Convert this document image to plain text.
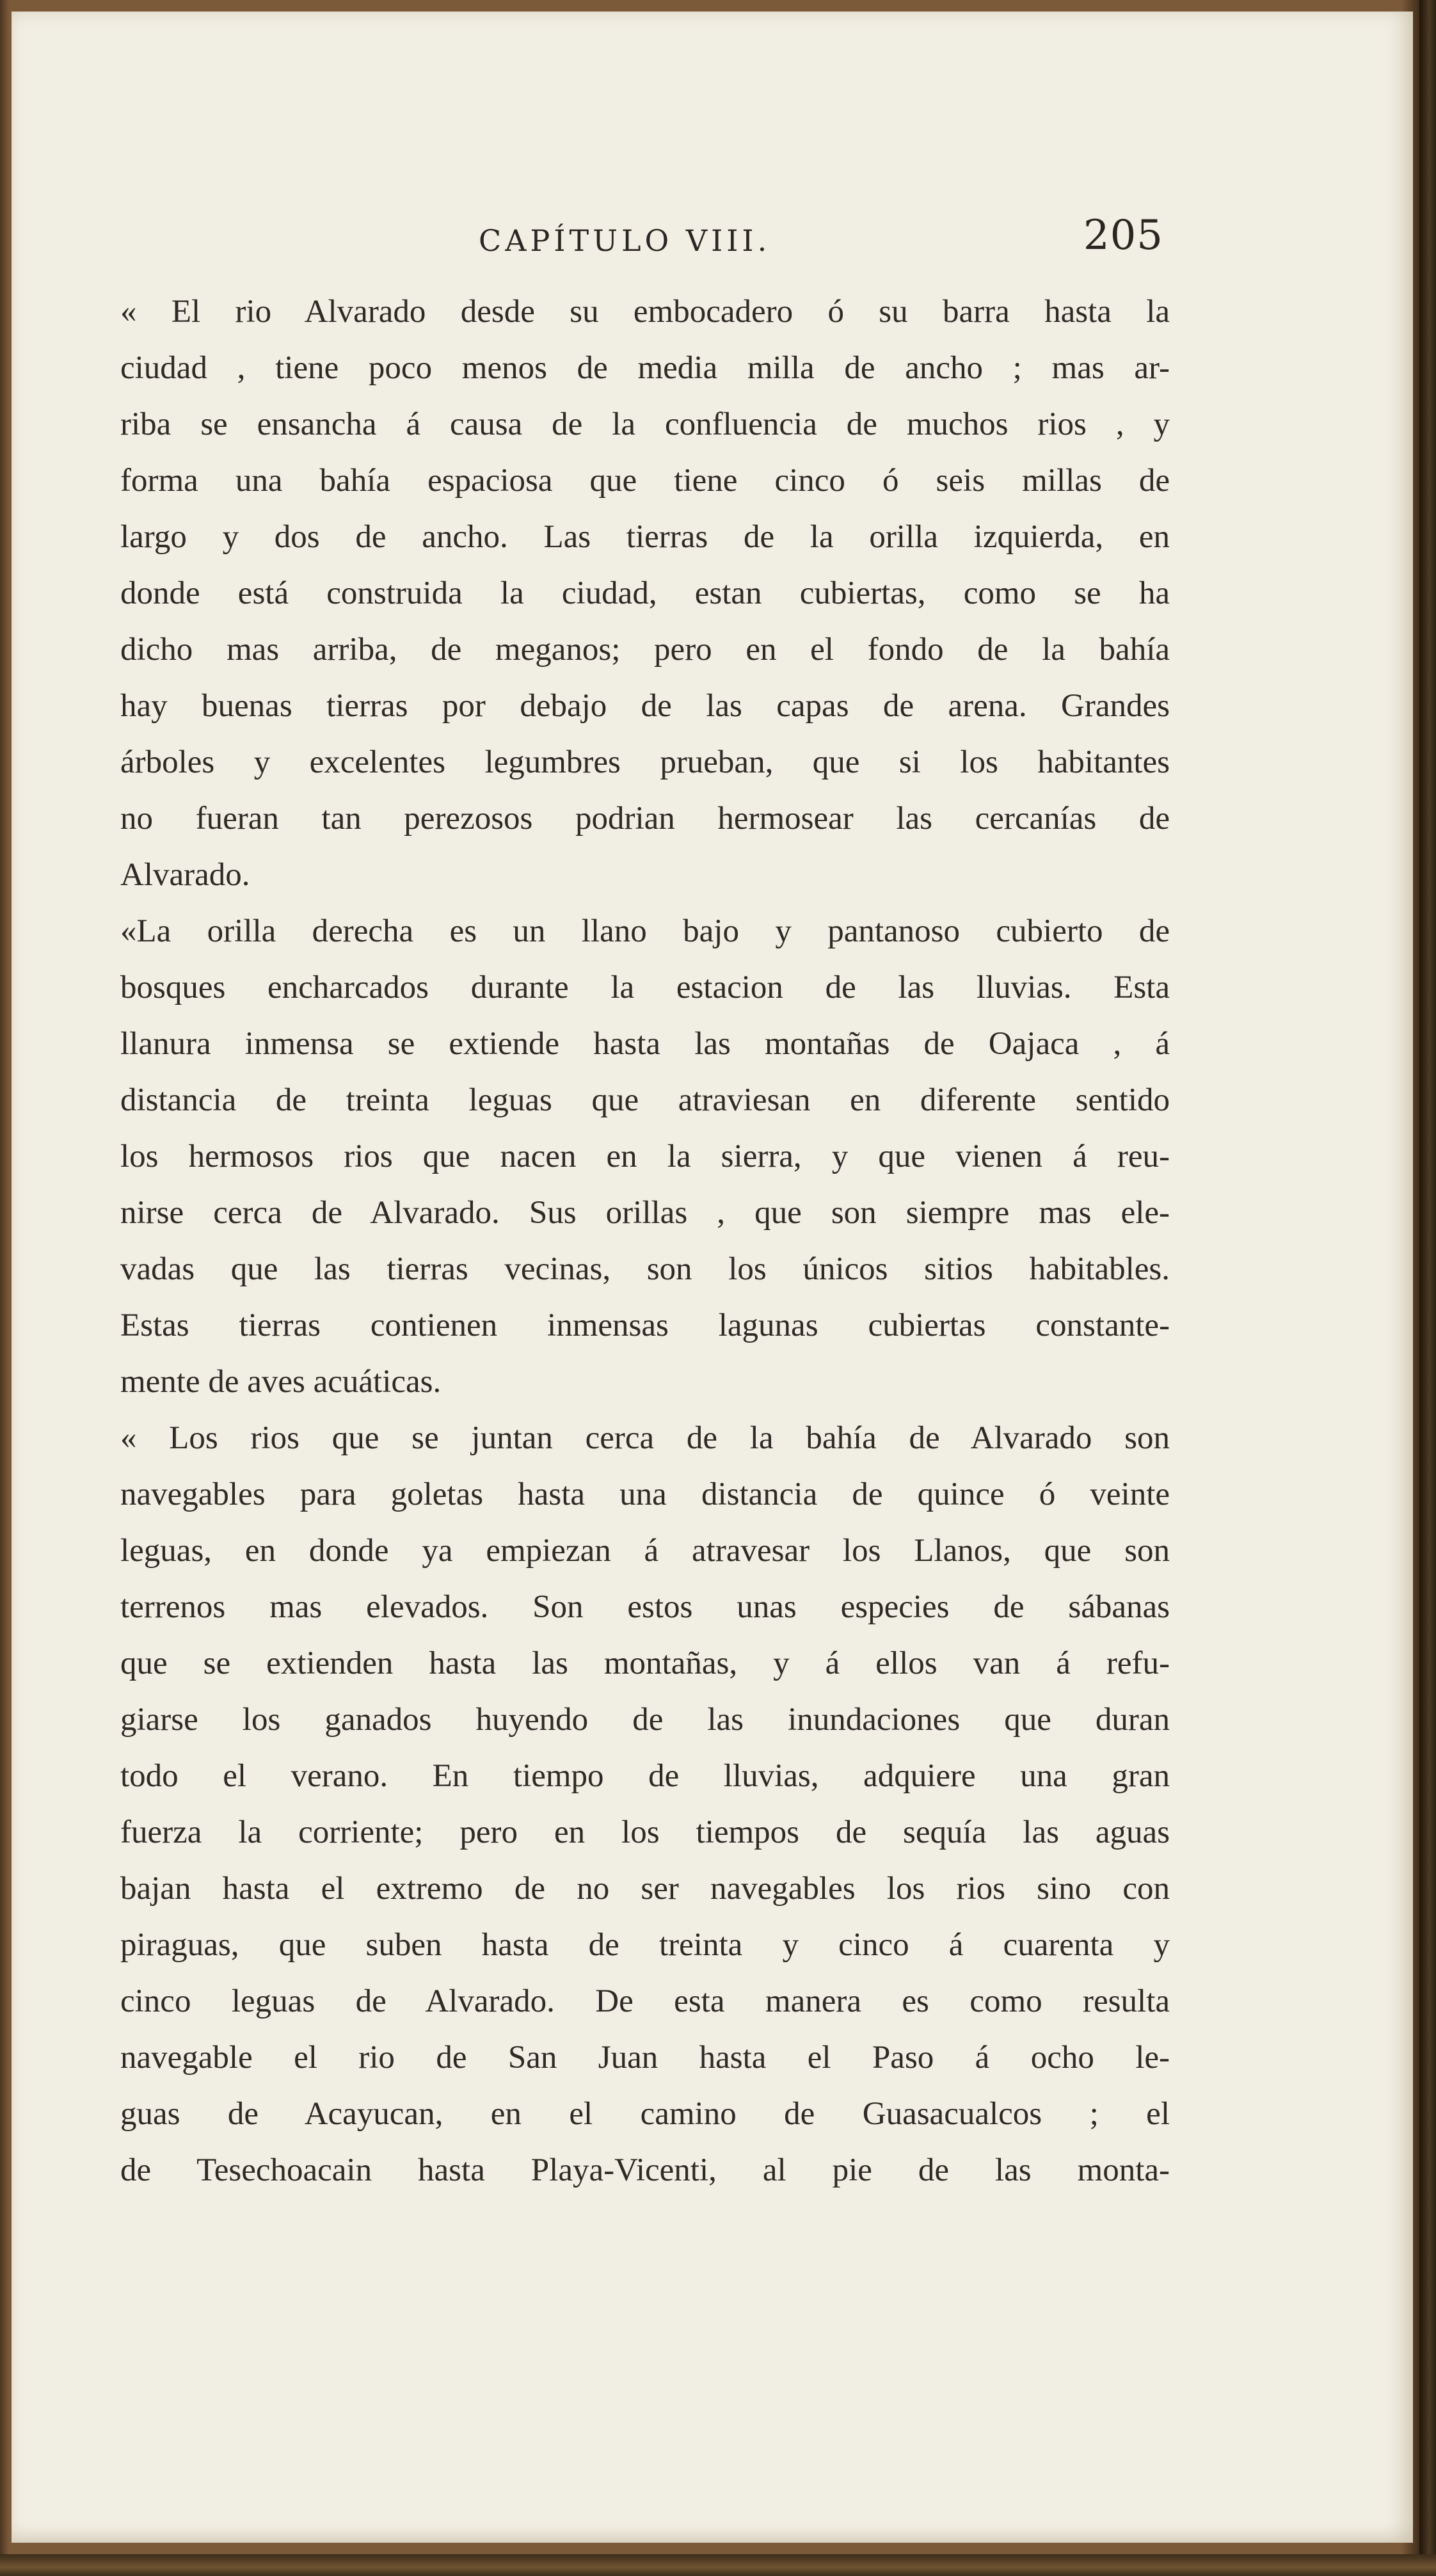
CAPÍTULO VIII.	205
« El rio Alvarado desde su embocadero ó su barra hasta la
ciudad , tiene poco menos de media milla de ancho ; mas ar-
riba se ensancha á causa de la confluencia de muchos rios , y
forma una bahía espaciosa que tiene cinco ó seis millas de
largo y dos de ancho. Las tierras de la orilla izquierda, en
donde está construida la ciudad, estan cubiertas, como se ha
dicho mas arriba, de meganos; pero en el fondo de la bahía
hay buenas tierras por debajo de las capas de arena. Grandes
árboles y excelentes legumbres prueban, que si los habitantes
no fueran tan perezosos podrian hermosear las cercanías de
Alvarado.
«La orilla derecha es un llano bajo y pantanoso cubierto de
bosques encharcados durante la estacion de las lluvias. Esta
llanura inmensa se extiende hasta las montañas de Oajaca , á
distancia de treinta leguas que atraviesan en diferente sentido
los hermosos rios que nacen en la sierra, y que vienen á reu-
nirse cerca de Alvarado. Sus orillas , que son siempre mas ele-
vadas que las tierras vecinas, son los únicos sitios habitables.
Estas tierras contienen inmensas lagunas cubiertas constante-
mente de aves acuáticas.
« Los rios que se juntan cerca de la bahía de Alvarado son
navegables para goletas hasta una distancia de quince ó veinte
leguas, en donde ya empiezan á atravesar los Llanos, que son
terrenos mas elevados. Son estos unas especies de sábanas
que se extienden hasta las montañas, y á ellos van á refu-
giarse los ganados huyendo de las inundaciones que duran
todo el verano. En tiempo de lluvias, adquiere una gran
fuerza la corriente; pero en los tiempos de sequía las aguas
bajan hasta el extremo de no ser navegables los rios sino con
piraguas, que suben hasta de treinta y cinco á cuarenta y
cinco leguas de Alvarado. De esta manera es como resulta
navegable el rio de San Juan hasta el Paso á ocho le-
guas de Acayucan, en el camino de Guasacualcos ; el
de Tesechoacain hasta Playa-Vicenti, al pie de las monta-
